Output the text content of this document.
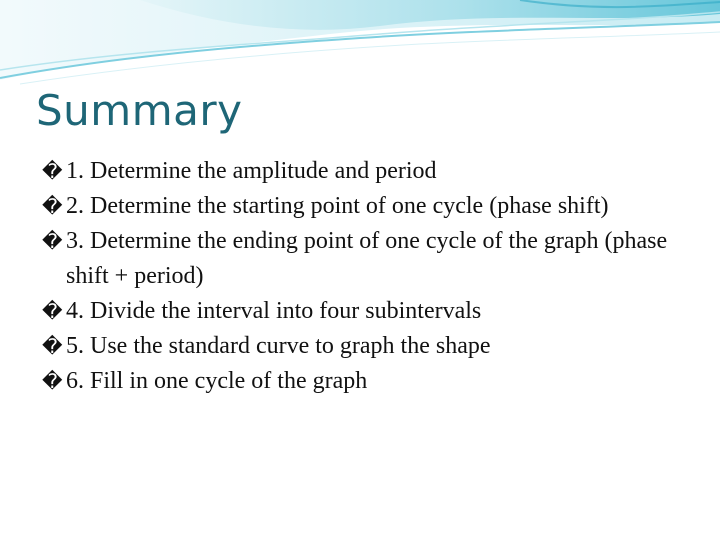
Summary
� 1. Determine the amplitude and period
� 2. Determine the starting point of one cycle (phase shift)
� 3. Determine the ending point of one cycle of the graph (phase shift + period)
� 4. Divide the interval into four subintervals
� 5. Use the standard curve to graph the shape
� 6. Fill in one cycle of the graph
